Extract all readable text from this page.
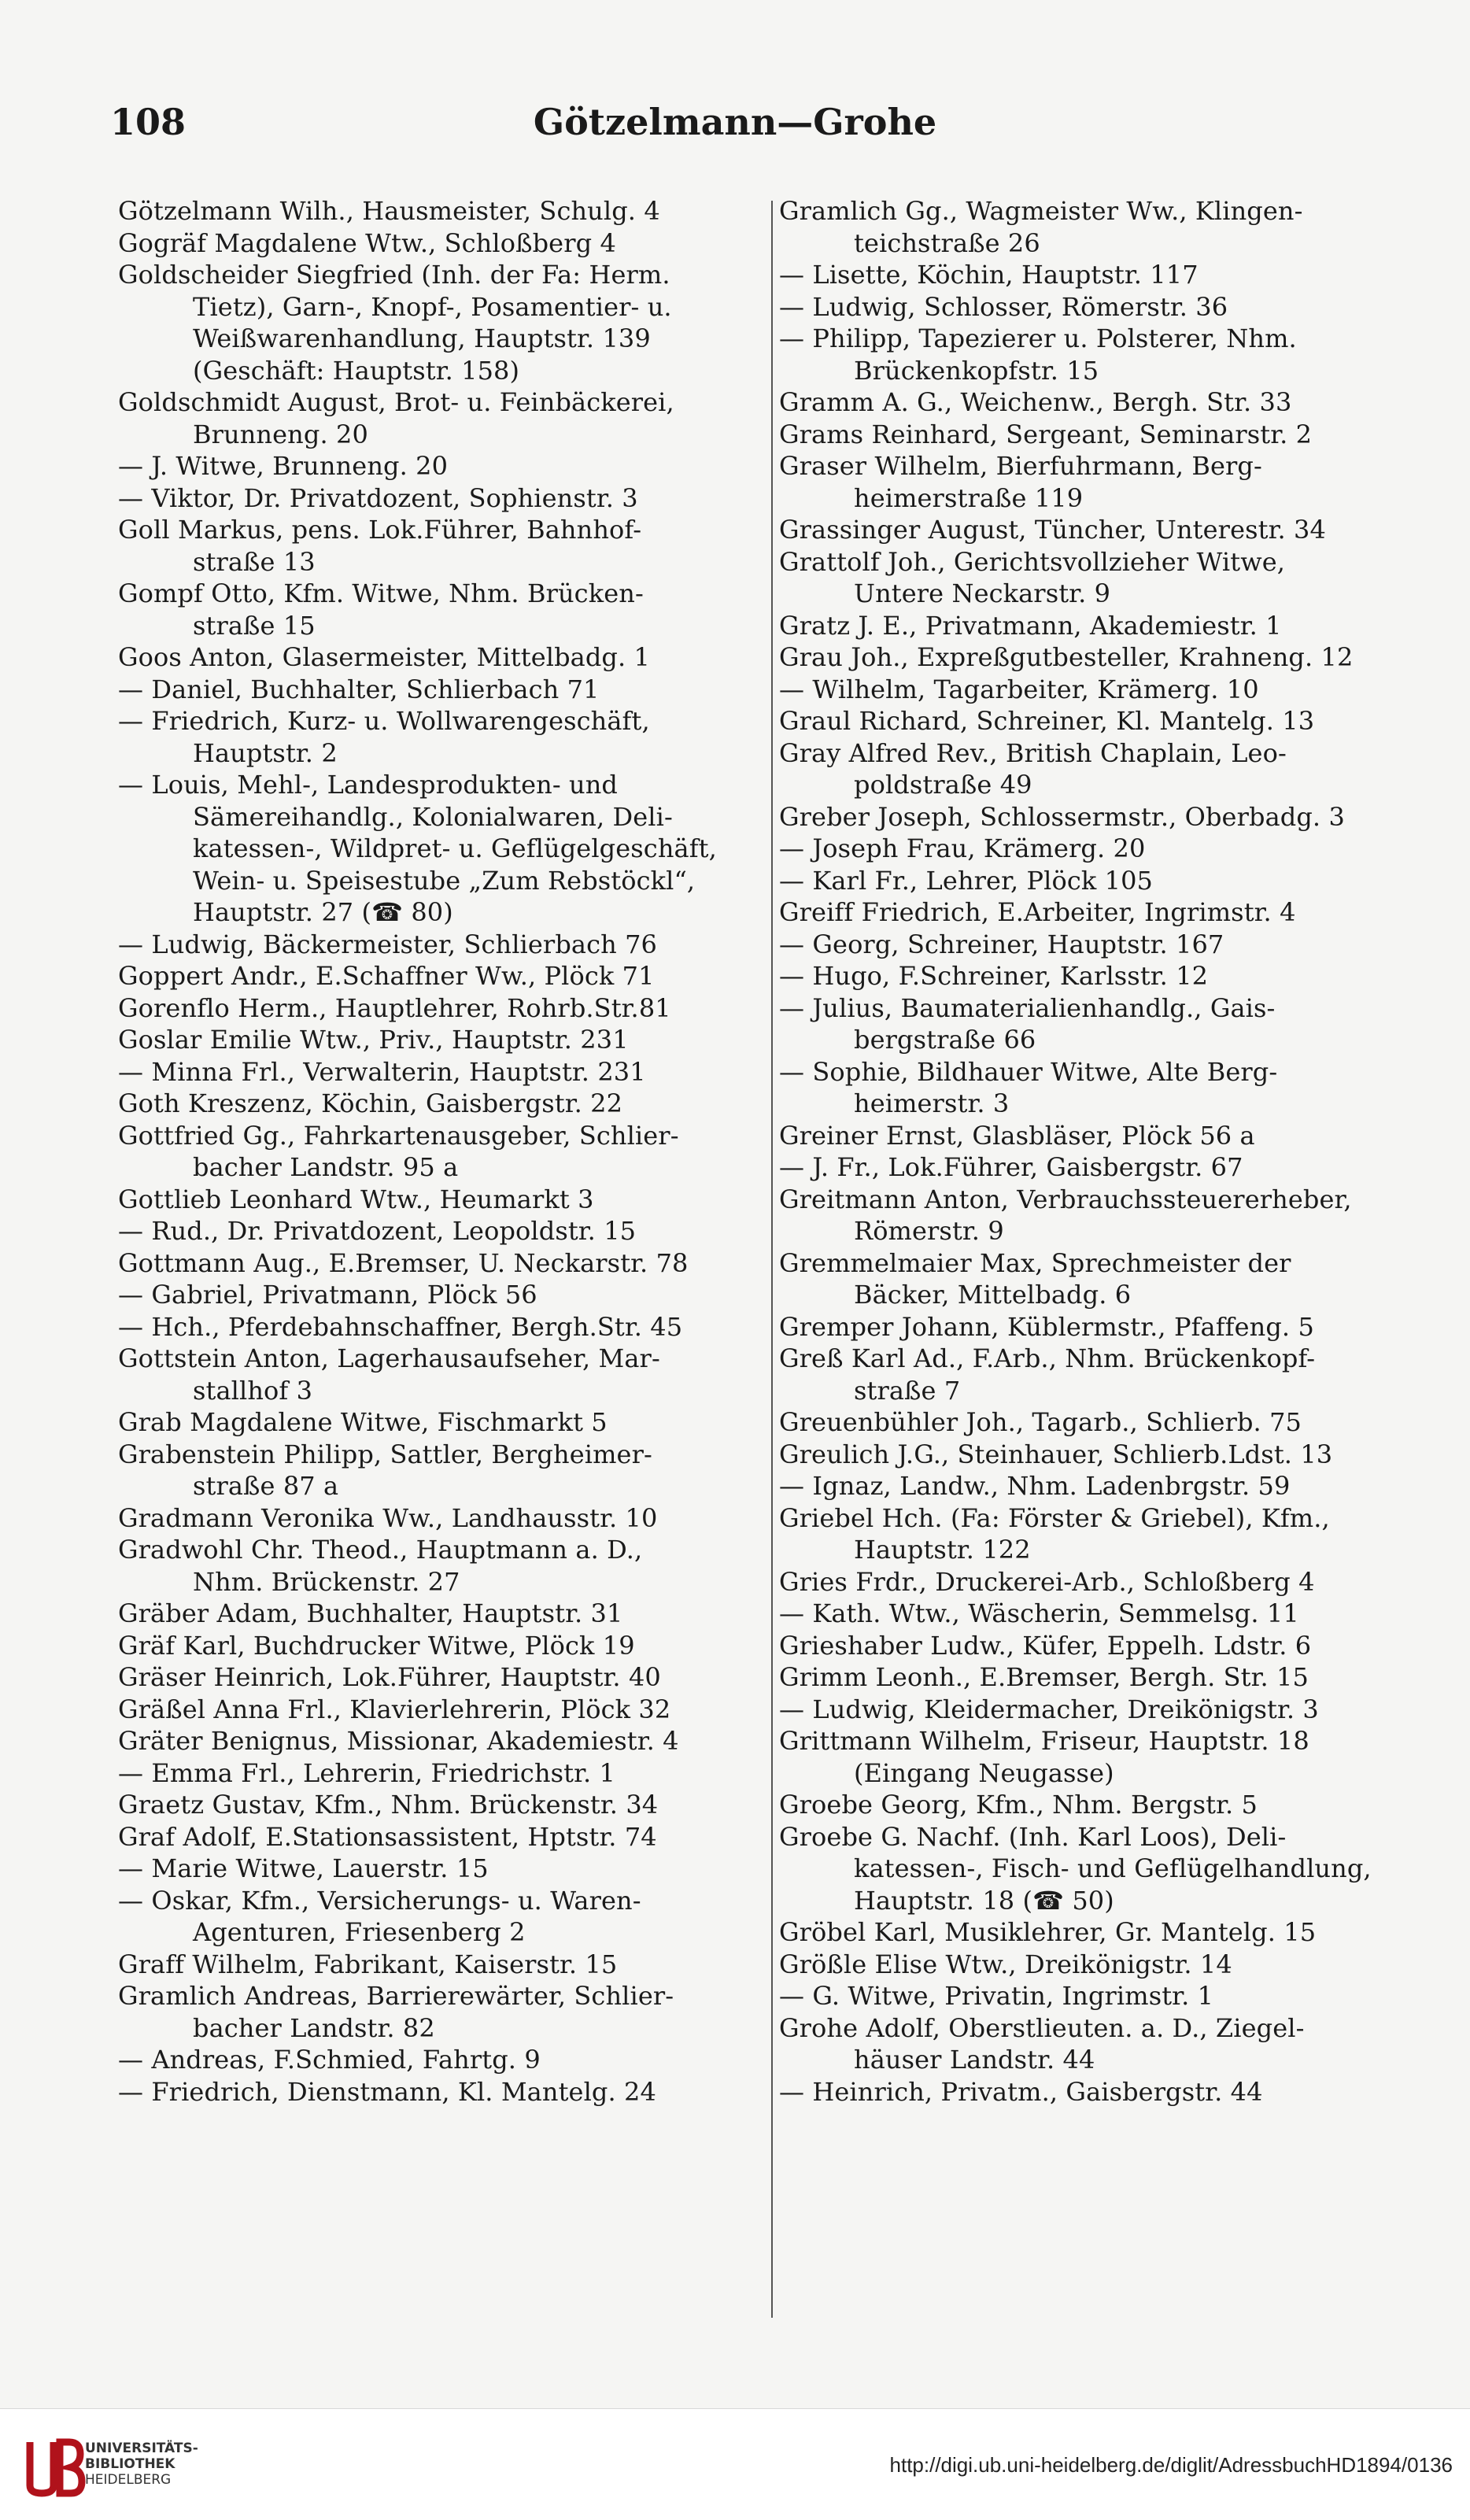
108	Götzelmann—Grohe
Götzelmann Wilh., Hausmeister, Schulg. 4
Gogräf Magdalene Wtw., Schloßberg 4
Goldscheider Siegfried (Inh. der Fa: Herm.
Tietz), Garn-, Knopf-, Posamentier- u.
Weißwarenhandlung, Hauptstr. 139
(Geschäft: Hauptstr. 158)
Goldschmidt August, Brot- u. Feinbäckerei,
Brunneng. 20
— J. Witwe, Brunneng. 20
— Viktor, Dr. Privatdozent, Sophienstr. 3
Goll Markus, pens. Lok.Führer, Bahnhof-
straße 13
Gompf Otto, Kfm. Witwe, Nhm. Brücken-
straße 15
Goos Anton, Glasermeister, Mittelbadg. 1
— Daniel, Buchhalter, Schlierbach 71
— Friedrich, Kurz- u. Wollwarengeschäft,
Hauptstr. 2
— Louis, Mehl-, Landesprodukten- und
Sämereihandlg., Kolonialwaren, Deli-
katessen-, Wildpret- u. Geflügelgeschäft,
Wein- u. Speisestube „Zum Rebstöckl“,
Hauptstr. 27 (☎ 80)
— Ludwig, Bäckermeister, Schlierbach 76
Goppert Andr., E.Schaffner Ww., Plöck 71
Gorenflo Herm., Hauptlehrer, Rohrb.Str.81
Goslar Emilie Wtw., Priv., Hauptstr. 231
— Minna Frl., Verwalterin, Hauptstr. 231
Goth Kreszenz, Köchin, Gaisbergstr. 22
Gottfried Gg., Fahrkartenausgeber, Schlier-
bacher Landstr. 95 a
Gottlieb Leonhard Wtw., Heumarkt 3
— Rud., Dr. Privatdozent, Leopoldstr. 15
Gottmann Aug., E.Bremser, U. Neckarstr. 78
— Gabriel, Privatmann, Plöck 56
— Hch., Pferdebahnschaffner, Bergh.Str. 45
Gottstein Anton, Lagerhausaufseher, Mar-
stallhof 3
Grab Magdalene Witwe, Fischmarkt 5
Grabenstein Philipp, Sattler, Bergheimer-
straße 87 a
Gradmann Veronika Ww., Landhausstr. 10
Gradwohl Chr. Theod., Hauptmann a. D.,
Nhm. Brückenstr. 27
Gräber Adam, Buchhalter, Hauptstr. 31
Gräf Karl, Buchdrucker Witwe, Plöck 19
Gräser Heinrich, Lok.Führer, Hauptstr. 40
Gräßel Anna Frl., Klavierlehrerin, Plöck 32
Gräter Benignus, Missionar, Akademiestr. 4
— Emma Frl., Lehrerin, Friedrichstr. 1
Graetz Gustav, Kfm., Nhm. Brückenstr. 34
Graf Adolf, E.Stationsassistent, Hptstr. 74
— Marie Witwe, Lauerstr. 15
— Oskar, Kfm., Versicherungs- u. Waren-
Agenturen, Friesenberg 2
Graff Wilhelm, Fabrikant, Kaiserstr. 15
Gramlich Andreas, Barrierewärter, Schlier-
bacher Landstr. 82
— Andreas, F.Schmied, Fahrtg. 9
— Friedrich, Dienstmann, Kl. Mantelg. 24
Gramlich Gg., Wagmeister Ww., Klingen-
teichstraße 26
— Lisette, Köchin, Hauptstr. 117
— Ludwig, Schlosser, Römerstr. 36
— Philipp, Tapezierer u. Polsterer, Nhm.
Brückenkopfstr. 15
Gramm A. G., Weichenw., Bergh. Str. 33
Grams Reinhard, Sergeant, Seminarstr. 2
Graser Wilhelm, Bierfuhrmann, Berg-
heimerstraße 119
Grassinger August, Tüncher, Unterestr. 34
Grattolf Joh., Gerichtsvollzieher Witwe,
Untere Neckarstr. 9
Gratz J. E., Privatmann, Akademiestr. 1
Grau Joh., Expreßgutbesteller, Krahneng. 12
— Wilhelm, Tagarbeiter, Krämerg. 10
Graul Richard, Schreiner, Kl. Mantelg. 13
Gray Alfred Rev., British Chaplain, Leo-
poldstraße 49
Greber Joseph, Schlossermstr., Oberbadg. 3
— Joseph Frau, Krämerg. 20
— Karl Fr., Lehrer, Plöck 105
Greiff Friedrich, E.Arbeiter, Ingrimstr. 4
— Georg, Schreiner, Hauptstr. 167
— Hugo, F.Schreiner, Karlsstr. 12
— Julius, Baumaterialienhandlg., Gais-
bergstraße 66
— Sophie, Bildhauer Witwe, Alte Berg-
heimerstr. 3
Greiner Ernst, Glasbläser, Plöck 56 a
— J. Fr., Lok.Führer, Gaisbergstr. 67
Greitmann Anton, Verbrauchssteuererheber,
Römerstr. 9
Gremmelmaier Max, Sprechmeister der
Bäcker, Mittelbadg. 6
Gremper Johann, Küblermstr., Pfaffeng. 5
Greß Karl Ad., F.Arb., Nhm. Brückenkopf-
straße 7
Greuenbühler Joh., Tagarb., Schlierb. 75
Greulich J.G., Steinhauer, Schlierb.Ldst. 13
— Ignaz, Landw., Nhm. Ladenbrgstr. 59
Griebel Hch. (Fa: Förster & Griebel), Kfm.,
Hauptstr. 122
Gries Frdr., Druckerei-Arb., Schloßberg 4
— Kath. Wtw., Wäscherin, Semmelsg. 11
Grieshaber Ludw., Küfer, Eppelh. Ldstr. 6
Grimm Leonh., E.Bremser, Bergh. Str. 15
— Ludwig, Kleidermacher, Dreikönigstr. 3
Grittmann Wilhelm, Friseur, Hauptstr. 18
(Eingang Neugasse)
Groebe Georg, Kfm., Nhm. Bergstr. 5
Groebe G. Nachf. (Inh. Karl Loos), Deli-
katessen-, Fisch- und Geflügelhandlung,
Hauptstr. 18 (☎ 50)
Gröbel Karl, Musiklehrer, Gr. Mantelg. 15
Größle Elise Wtw., Dreikönigstr. 14
— G. Witwe, Privatin, Ingrimstr. 1
Grohe Adolf, Oberstlieuten. a. D., Ziegel-
häuser Landstr. 44
— Heinrich, Privatm., Gaisbergstr. 44
UNIVERSITÄTS-
BIBLIOTHEK
HEIDELBERG
http://digi.ub.uni-heidelberg.de/diglit/AdressbuchHD1894/0136
